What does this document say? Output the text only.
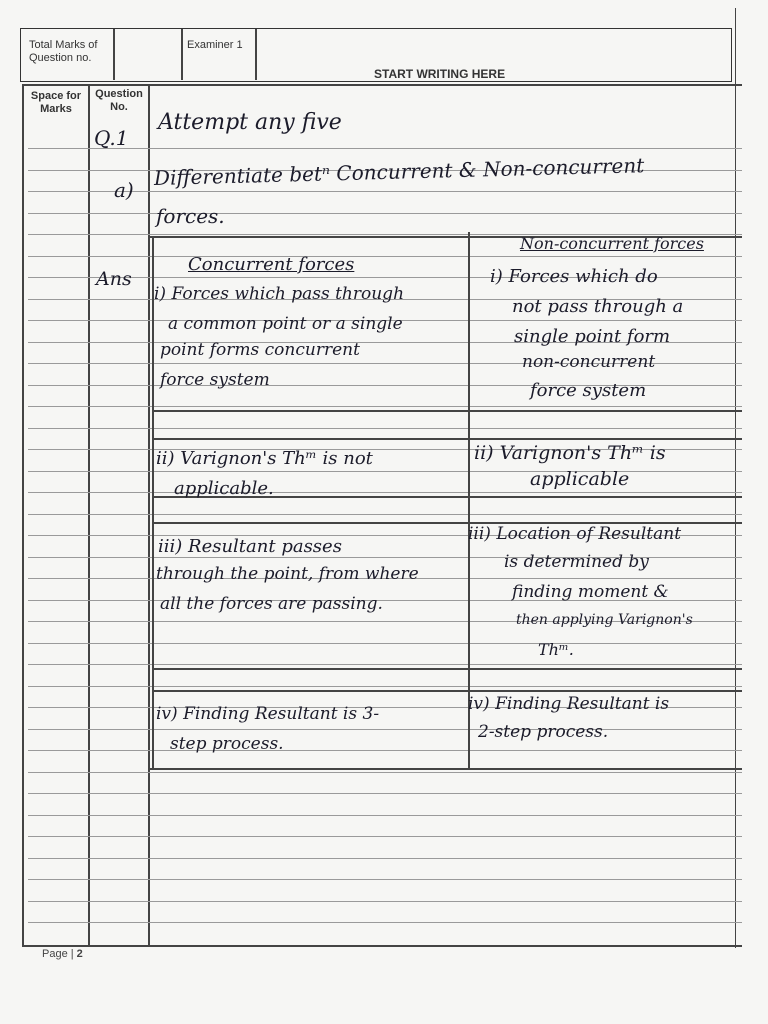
Total Marks of Question no.
Examiner 1
START WRITING HERE
Space for Marks
Question No.
Q.1
Attempt any five
a)
Differentiate betⁿ Concurrent & Non-concurrent
forces.
Ans
Concurrent forces
Non-concurrent forces
i) Forces which pass through
a common point or a single
point forms concurrent
force system
i) Forces which do
not pass through a
single point form
non-concurrent
force system
ii) Varignon's Thᵐ is not
applicable.
ii) Varignon's Thᵐ is
applicable
iii) Resultant passes
through the point, from where
all the forces are passing.
iii) Location of Resultant
is determined by
finding moment &
then applying Varignon's
Thᵐ.
iv) Finding Resultant is 3-
step process.
iv) Finding Resultant is
2-step process.
Page | 2
